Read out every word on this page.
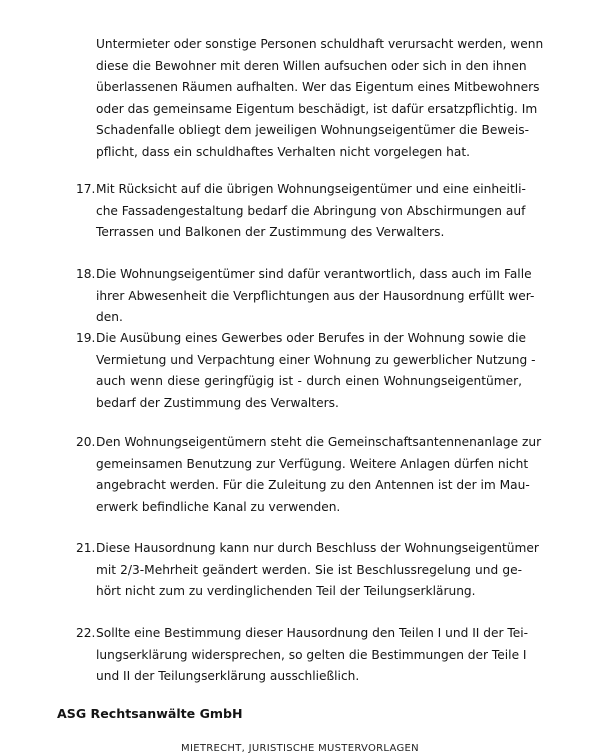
Untermieter oder sonstige Personen schuldhaft verursacht werden, wenn
diese die Bewohner mit deren Willen aufsuchen oder sich in den ihnen
überlassenen Räumen aufhalten. Wer das Eigentum eines Mitbewohners
oder das gemeinsame Eigentum beschädigt, ist dafür ersatzpflichtig. Im
Schadenfalle obliegt dem jeweiligen Wohnungseigentümer die Beweis-
pflicht, dass ein schuldhaftes Verhalten nicht vorgelegen hat.
17. Mit Rücksicht auf die übrigen Wohnungseigentümer und eine einheitli-
che Fassadengestaltung bedarf die Abringung von Abschirmungen auf
Terrassen und Balkonen der Zustimmung des Verwalters.
18. Die Wohnungseigentümer sind dafür verantwortlich, dass auch im Falle
ihrer Abwesenheit die Verpflichtungen aus der Hausordnung erfüllt wer-
den.
19. Die Ausübung eines Gewerbes oder Berufes in der Wohnung sowie die
Vermietung und Verpachtung einer Wohnung zu gewerblicher Nutzung -
auch wenn diese geringfügig ist - durch einen Wohnungseigentümer,
bedarf der Zustimmung des Verwalters.
20. Den Wohnungseigentümern steht die Gemeinschaftsantennenanlage zur
gemeinsamen Benutzung zur Verfügung. Weitere Anlagen dürfen nicht
angebracht werden. Für die Zuleitung zu den Antennen ist der im Mau-
erwerk befindliche Kanal zu verwenden.
21. Diese Hausordnung kann nur durch Beschluss der Wohnungseigentümer
mit 2/3-Mehrheit geändert werden. Sie ist Beschlussregelung und ge-
hört nicht zum zu verdinglichenden Teil der Teilungserklärung.
22. Sollte eine Bestimmung dieser Hausordnung den Teilen I und II der Tei-
lungserklärung widersprechen, so gelten die Bestimmungen der Teile I
und II der Teilungserklärung ausschließlich.
ASG Rechtsanwälte GmbH
MIETRECHT, JURISTISCHE MUSTERVORLAGEN
